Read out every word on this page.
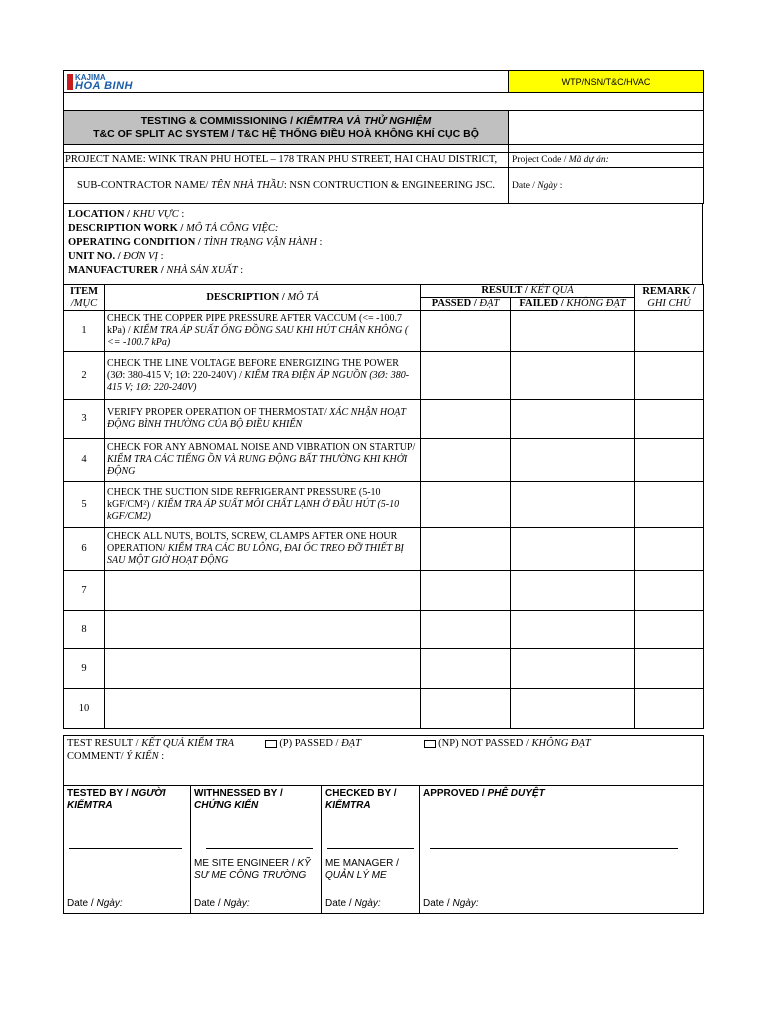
KAJIMA
HOA BINH		WTP/NSN/T&C/HVAC

TESTING & COMMISSIONING / KIỂMTRA VÀ THỬ NGHIỆM
T&C OF SPLIT AC SYSTEM / T&C HỆ THỐNG ĐIỀU HOÀ KHÔNG KHÍ CỤC BỘ		

PROJECT NAME: WINK TRAN PHU HOTEL – 178 TRAN PHU STREET, HAI CHAU DISTRICT,		Project Code / Mã dự án:
SUB-CONTRACTOR NAME/ TÊN NHÀ THẦU: NSN CONTRUCTION & ENGINEERING JSC.		Date / Ngày :

LOCATION / KHU VỰC :
DESCRIPTION WORK / MÔ TẢ CÔNG VIỆC:
OPERATING CONDITION / TÌNH TRẠNG VẬN HÀNH :
UNIT NO. / ĐƠN VỊ :
MANUFACTURER / NHÀ SẢN XUẤT :
ITEM
/MỤC	DESCRIPTION / MÔ TẢ	RESULT / KẾT QUẢ		REMARK /
GHI CHÚ
		PASSED / ĐẠT	FAILED / KHÔNG ĐẠT	
1	CHECK THE COPPER PIPE PRESSURE AFTER VACCUM (<= -100.7 kPa) / KIỂM TRA ÁP SUẤT ỐNG ĐỒNG SAU KHI HÚT CHÂN KHÔNG ( <= -100.7 kPa)			
2	CHECK THE LINE VOLTAGE BEFORE ENERGIZING THE POWER (3Ø: 380-415 V; 1Ø: 220-240V) / KIỂM TRA ĐIỆN ÁP NGUỒN (3Ø: 380-415 V; 1Ø: 220-240V)			
3	VERIFY PROPER OPERATION OF THERMOSTAT/ XÁC NHẬN HOẠT ĐỘNG BÌNH THƯỜNG CỦA BỘ ĐIỀU KHIỂN			
4	CHECK FOR ANY ABNOMAL NOISE AND VIBRATION ON STARTUP/ KIỂM TRA CÁC TIẾNG ỒN VÀ RUNG ĐỘNG BẤT THƯỜNG KHI KHỞI ĐỘNG			
5	CHECK THE SUCTION SIDE REFRIGERANT PRESSURE (5-10 kGF/CM²) / KIỂM TRA ÁP SUẤT MÔI CHẤT LẠNH Ở ĐẦU HÚT (5-10 kGF/CM2)			
6	CHECK ALL NUTS, BOLTS, SCREW, CLAMPS AFTER ONE HOUR OPERATION/ KIỂM TRA CÁC BU LÔNG, ĐAI ỐC TREO ĐỠ THIẾT BỊ SAU MỘT GIỜ HOẠT ĐỘNG			
7				
8				
9				
10				
TEST RESULT / KẾT QUẢ KIỂM TRA	(P) PASSED / ĐẠT	(NP) NOT PASSED / KHÔNG ĐẠT
COMMENT/ Ý KIẾN :

TESTED BY / NGƯỜI KIỂMTRA
Date / Ngày:
	WITHNESSED BY / CHỨNG KIẾN
ME SITE ENGINEER / KỸ SƯ ME CÔNG TRƯỜNG
Date / Ngày:
	CHECKED BY / KIỂMTRA
ME MANAGER / QUẢN LÝ ME
Date / Ngày:
	APPROVED / PHÊ DUYỆT
Date / Ngày:
